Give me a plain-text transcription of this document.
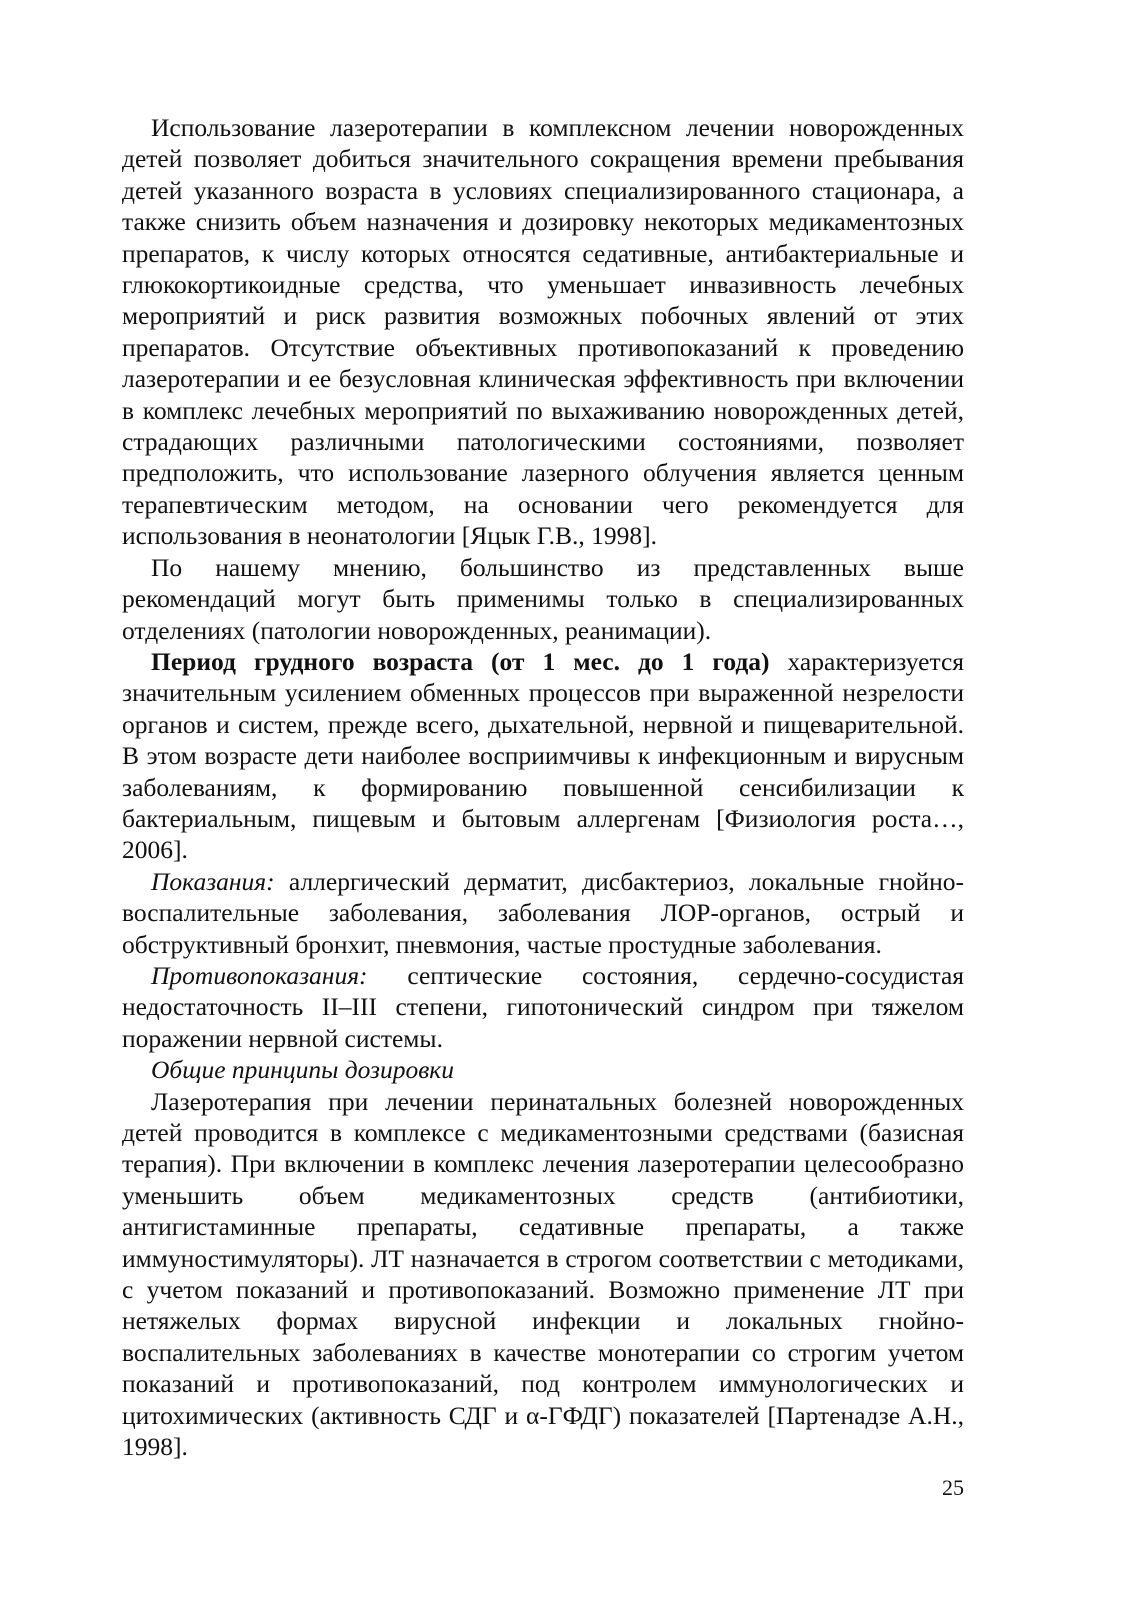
Использование лазеротерапии в комплексном лечении новорожденных детей позволяет добиться значительного сокращения времени пребывания детей указанного возраста в условиях специализированного стационара, а также снизить объем назначения и дозировку некоторых медикаментозных препаратов, к числу которых относятся седативные, антибактериальные и глюкокортикоидные средства, что уменьшает инвазивность лечебных мероприятий и риск развития возможных побочных явлений от этих препаратов. Отсутствие объективных противопоказаний к проведению лазеротерапии и ее безусловная клиническая эффективность при включении в комплекс лечебных мероприятий по выхаживанию новорожденных детей, страдающих различными патологическими состояниями, позволяет предположить, что использование лазерного облучения является ценным терапевтическим методом, на основании чего рекомендуется для использования в неонатологии [Яцык Г.В., 1998].

По нашему мнению, большинство из представленных выше рекомендаций могут быть применимы только в специализированных отделениях (патологии новорожденных, реанимации).

Период грудного возраста (от 1 мес. до 1 года) характеризуется значительным усилением обменных процессов при выраженной незрелости органов и систем, прежде всего, дыхательной, нервной и пищеварительной. В этом возрасте дети наиболее восприимчивы к инфекционным и вирусным заболеваниям, к формированию повышенной сенсибилизации к бактериальным, пищевым и бытовым аллергенам [Физиология роста…, 2006].

Показания: аллергический дерматит, дисбактериоз, локальные гнойно-воспалительные заболевания, заболевания ЛОР-органов, острый и обструктивный бронхит, пневмония, частые простудные заболевания.

Противопоказания: септические состояния, сердечно-сосудистая недостаточность II–III степени, гипотонический синдром при тяжелом поражении нервной системы.

Общие принципы дозировки

Лазеротерапия при лечении перинатальных болезней новорожденных детей проводится в комплексе с медикаментозными средствами (базисная терапия). При включении в комплекс лечения лазеротерапии целесообразно уменьшить объем медикаментозных средств (антибиотики, антигистаминные препараты, седативные препараты, а также иммуностимуляторы). ЛТ назначается в строгом соответствии с методиками, с учетом показаний и противопоказаний. Возможно применение ЛТ при нетяжелых формах вирусной инфекции и локальных гнойно-воспалительных заболеваниях в качестве монотерапии со строгим учетом показаний и противопоказаний, под контролем иммунологических и цитохимических (активность СДГ и α-ГФДГ) показателей [Партенадзе А.Н., 1998].

25
